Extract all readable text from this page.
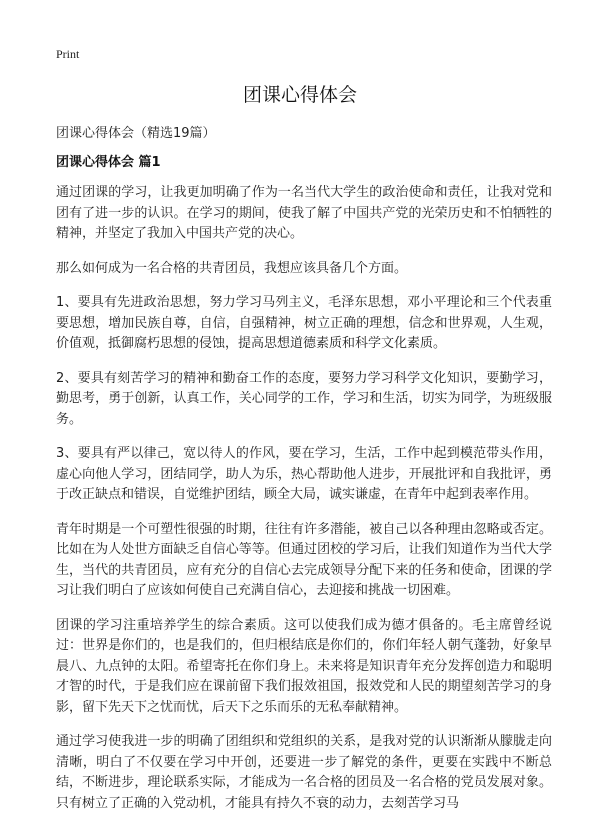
Print
团课心得体会
团课心得体会（精选19篇）
团课心得体会 篇1

通过团课的学习，让我更加明确了作为一名当代大学生的政治使命和责任，让我对党和团有了进一步的认识。在学习的期间，使我了解了中国共产党的光荣历史和不怕牺牲的精神，并坚定了我加入中国共产党的决心。

那么如何成为一名合格的共青团员，我想应该具备几个方面。

1、要具有先进政治思想，努力学习马列主义，毛泽东思想，邓小平理论和三个代表重要思想，增加民族自尊，自信，自强精神，树立正确的理想，信念和世界观，人生观，价值观，抵御腐朽思想的侵蚀，提高思想道德素质和科学文化素质。

2、要具有刻苦学习的精神和勤奋工作的态度，要努力学习科学文化知识，要勤学习，勤思考，勇于创新，认真工作，关心同学的工作，学习和生活，切实为同学，为班级服务。

3、要具有严以律己，宽以待人的作风，要在学习，生活，工作中起到模范带头作用，虚心向他人学习，团结同学，助人为乐，热心帮助他人进步，开展批评和自我批评，勇于改正缺点和错误，自觉维护团结，顾全大局，诚实谦虚，在青年中起到表率作用。

青年时期是一个可塑性很强的时期，往往有许多潜能，被自己以各种理由忽略或否定。比如在为人处世方面缺乏自信心等等。但通过团校的学习后，让我们知道作为当代大学生，当代的共青团员，应有充分的自信心去完成领导分配下来的任务和使命，团课的学习让我们明白了应该如何使自己充满自信心，去迎接和挑战一切困难。

团课的学习注重培养学生的综合素质。这可以使我们成为德才俱备的。毛主席曾经说过：世界是你们的，也是我们的，但归根结底是你们的，你们年轻人朝气蓬勃，好象早晨八、九点钟的太阳。希望寄托在你们身上。未来将是知识青年充分发挥创造力和聪明才智的时代，于是我们应在课前留下我们报效祖国，报效党和人民的期望刻苦学习的身影，留下先天下之忧而忧，后天下之乐而乐的无私奉献精神。

通过学习使我进一步的明确了团组织和党组织的关系，是我对党的认识渐渐从朦胧走向清晰，明白了不仅要在学习中开创，还要进一步了解党的条件，更要在实践中不断总结，不断进步，理论联系实际，才能成为一名合格的团员及一名合格的党员发展对象。只有树立了正确的入党动机，才能具有持久不衰的动力，去刻苦学习马
